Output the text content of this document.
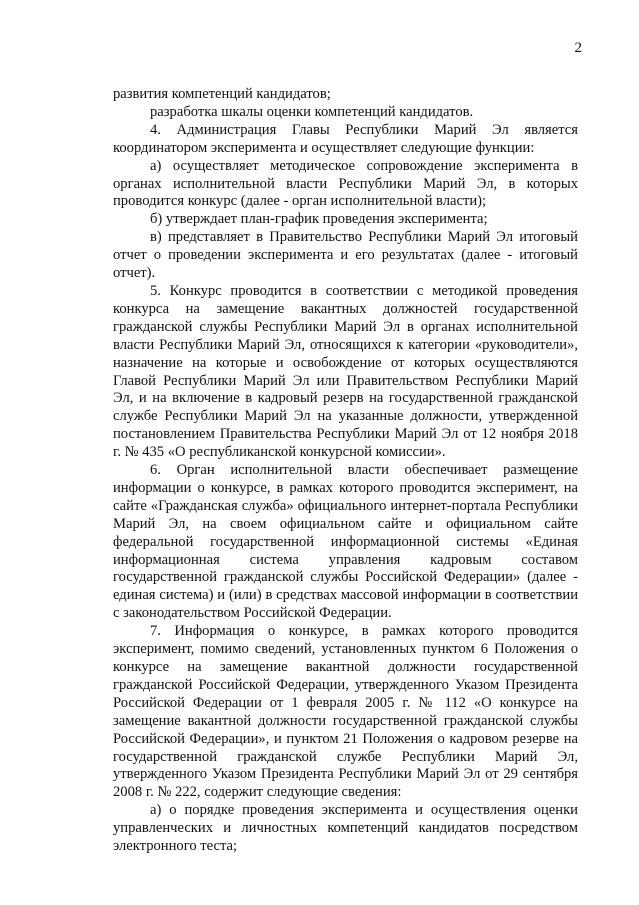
2

развития компетенций кандидатов;

разработка шкалы оценки компетенций кандидатов.

4. Администрация Главы Республики Марий Эл является координатором эксперимента и осуществляет следующие функции:

а) осуществляет методическое сопровождение эксперимента в органах исполнительной власти Республики Марий Эл, в которых проводится конкурс (далее - орган исполнительной власти);

б) утверждает план-график проведения эксперимента;

в) представляет в Правительство Республики Марий Эл итоговый отчет о проведении эксперимента и его результатах (далее - итоговый отчет).

5. Конкурс проводится в соответствии с методикой проведения конкурса на замещение вакантных должностей государственной гражданской службы Республики Марий Эл в органах исполнительной власти Республики Марий Эл, относящихся к категории «руководители», назначение на которые и освобождение от которых осуществляются Главой Республики Марий Эл или Правительством Республики Марий Эл, и на включение в кадровый резерв на государственной гражданской службе Республики Марий Эл на указанные должности, утвержденной постановлением Правительства Республики Марий Эл от 12 ноября 2018 г. № 435 «О республиканской конкурсной комиссии».

6. Орган исполнительной власти обеспечивает размещение информации о конкурсе, в рамках которого проводится эксперимент, на сайте «Гражданская служба» официального интернет-портала Республики Марий Эл, на своем официальном сайте и официальном сайте федеральной государственной информационной системы «Единая информационная система управления кадровым составом государственной гражданской службы Российской Федерации» (далее - единая система) и (или) в средствах массовой информации в соответствии с законодательством Российской Федерации.

7. Информация о конкурсе, в рамках которого проводится эксперимент, помимо сведений, установленных пунктом 6 Положения о конкурсе на замещение вакантной должности государственной гражданской Российской Федерации, утвержденного Указом Президента Российской Федерации от 1 февраля 2005 г. № 112 «О конкурсе на замещение вакантной должности государственной гражданской службы Российской Федерации», и пунктом 21 Положения о кадровом резерве на государственной гражданской службе Республики Марий Эл, утвержденного Указом Президента Республики Марий Эл от 29 сентября 2008 г. № 222, содержит следующие сведения:

а) о порядке проведения эксперимента и осуществления оценки управленческих и личностных компетенций кандидатов посредством электронного теста;
